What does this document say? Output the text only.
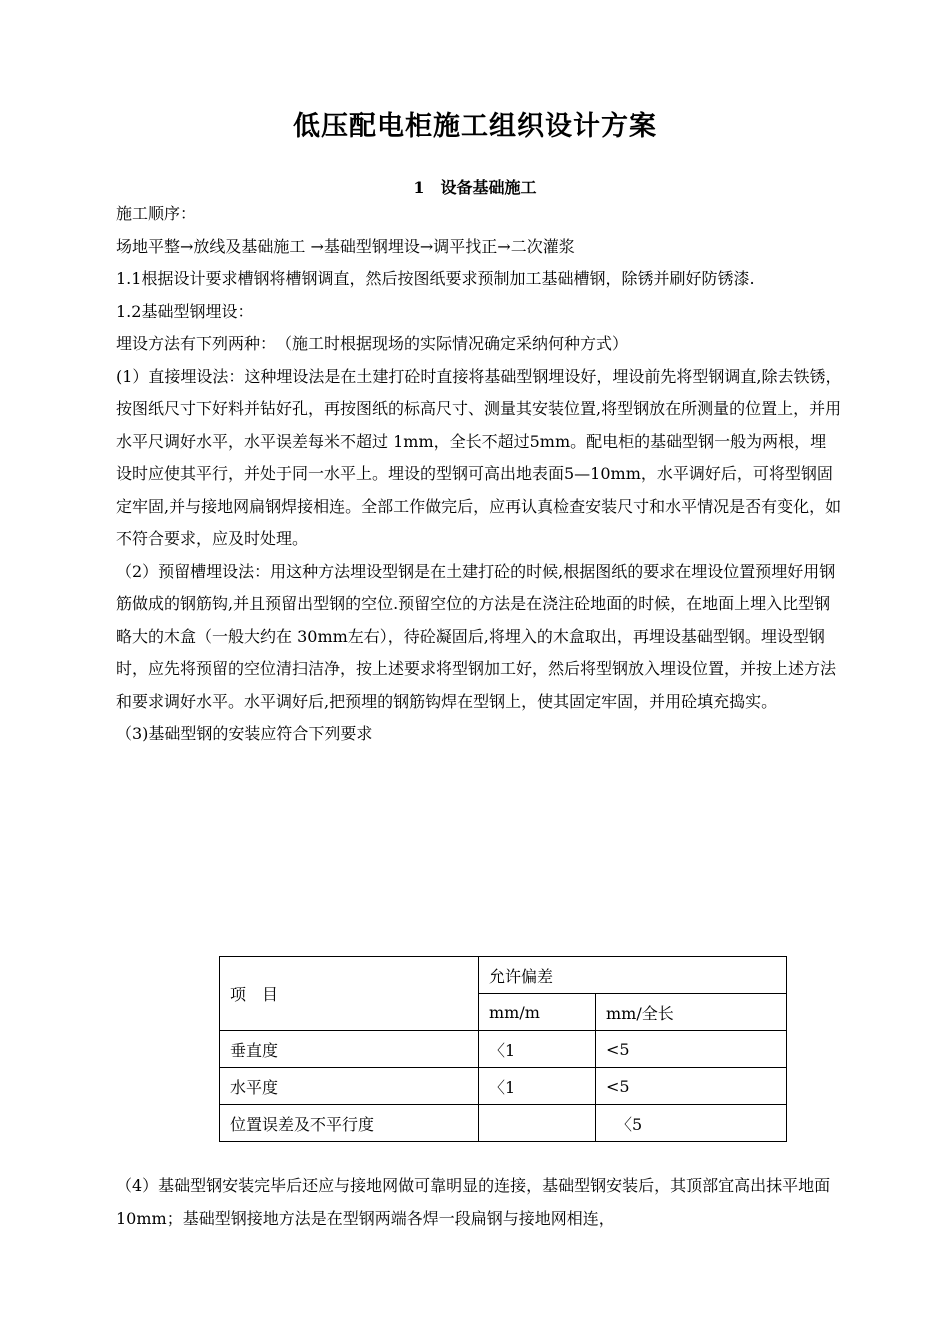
低压配电柜施工组织设计方案
1　设备基础施工

施工顺序：

场地平整→放线及基础施工 →基础型钢埋设→调平找正→二次灌浆

1.1根据设计要求槽钢将槽钢调直，然后按图纸要求预制加工基础槽钢，除锈并刷好防锈漆.

1.2基础型钢埋设：

埋设方法有下列两种：　（施工时根据现场的实际情况确定采纳何种方式）

(1）直接埋设法：这种埋设法是在土建打砼时直接将基础型钢埋设好，埋设前先将型钢调直,除去铁锈，按图纸尺寸下好料并钻好孔，再按图纸的标高尺寸、测量其安装位置,将型钢放在所测量的位置上，并用水平尺调好水平，水平误差每米不超过 1mm，全长不超过5mm。配电柜的基础型钢一般为两根，埋设时应使其平行，并处于同一水平上。埋设的型钢可高出地表面5—10mm，水平调好后，可将型钢固定牢固,并与接地网扁钢焊接相连。全部工作做完后，应再认真检查安装尺寸和水平情况是否有变化，如不符合要求，应及时处理。

（2）预留槽埋设法：用这种方法埋设型钢是在土建打砼的时候,根据图纸的要求在埋设位置预埋好用钢筋做成的钢筋钩,并且预留出型钢的空位.预留空位的方法是在浇注砼地面的时候，在地面上埋入比型钢略大的木盒（一般大约在 30mm左右），待砼凝固后,将埋入的木盒取出，再埋设基础型钢。埋设型钢时，应先将预留的空位清扫洁净，按上述要求将型钢加工好，然后将型钢放入埋设位置，并按上述方法和要求调好水平。水平调好后,把预埋的钢筋钩焊在型钢上，使其固定牢固，并用砼填充捣实。

（3)基础型钢的安装应符合下列要求

项　目	允许偏差	
	mm/m	mm/全长
垂直度	〈1	<5
水平度	〈1	<5
位置误差及不平行度		〈5

（4）基础型钢安装完毕后还应与接地网做可靠明显的连接，基础型钢安装后，其顶部宜高出抹平地面10mm；基础型钢接地方法是在型钢两端各焊一段扁钢与接地网相连，
